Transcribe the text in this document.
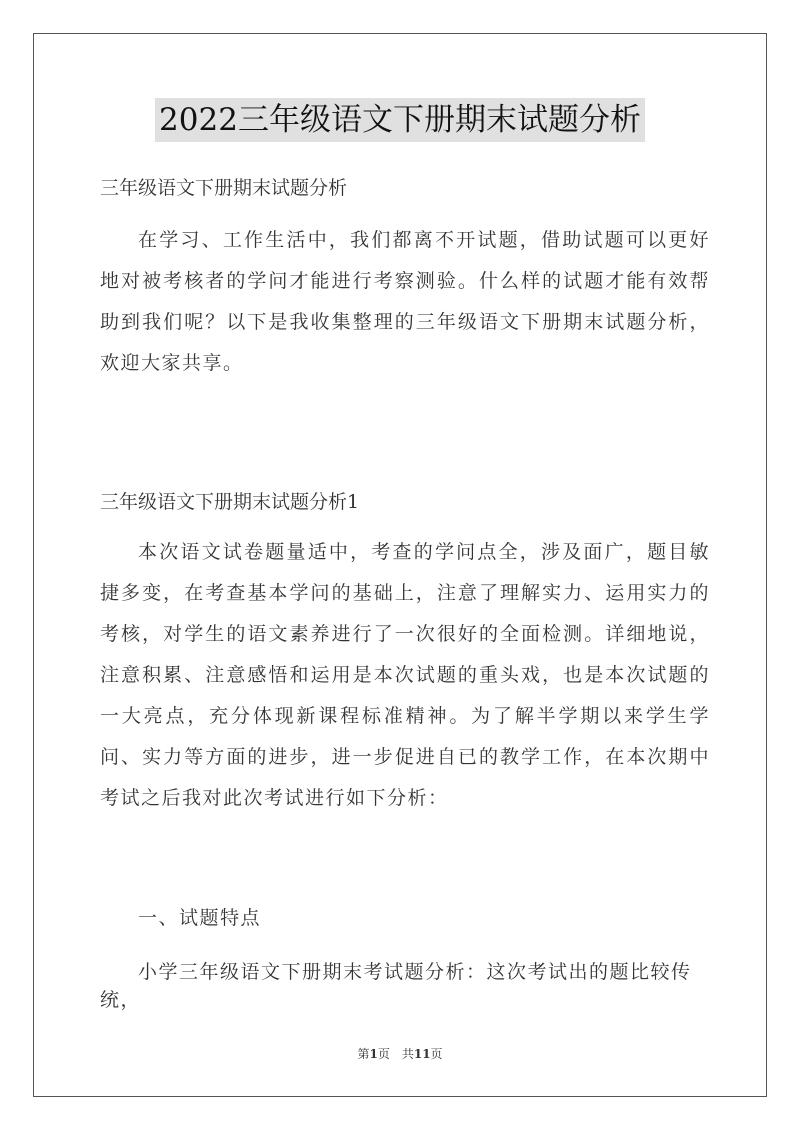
2022三年级语文下册期末试题分析
三年级语文下册期末试题分析
在学习、工作生活中，我们都离不开试题，借助试题可以更好地对被考核者的学问才能进行考察测验。什么样的试题才能有效帮助到我们呢？以下是我收集整理的三年级语文下册期末试题分析，欢迎大家共享。
三年级语文下册期末试题分析1
本次语文试卷题量适中，考查的学问点全，涉及面广，题目敏捷多变，在考查基本学问的基础上，注意了理解实力、运用实力的考核，对学生的语文素养进行了一次很好的全面检测。详细地说，注意积累、注意感悟和运用是本次试题的重头戏，也是本次试题的一大亮点，充分体现新课程标准精神。为了解半学期以来学生学问、实力等方面的进步，进一步促进自已的教学工作，在本次期中考试之后我对此次考试进行如下分析：
一、试题特点
小学三年级语文下册期末考试题分析：这次考试出的题比较传统，
第1页 共11页
